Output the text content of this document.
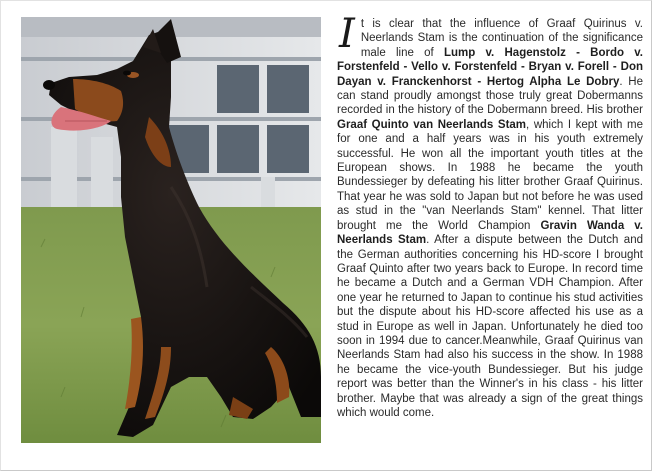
It is clear that the influence of Graaf Quirinus v. Neerlands Stam is the continuation of the significance male line of Lump v. Hagenstolz - Bordo v. Forstenfeld - Vello v. Forstenfeld - Bryan v. Forell - Don Dayan v. Franckenhorst - Hertog Alpha Le Dobry. He can stand proudly amongst those truly great Dobermanns recorded in the history of the Dobermann breed. His brother Graaf Quinto van Neerlands Stam, which I kept with me for one and a half years was in his youth extremely successful. He won all the important youth titles at the European shows. In 1988 he became the youth Bundessieger by defeating his litter brother Graaf Quirinus. That year he was sold to Japan but not before he was used as stud in the "van Neerlands Stam" kennel. That litter brought me the World Champion Gravin Wanda v. Neerlands Stam. After a dispute between the Dutch and the German authorities concerning his HD-score I brought Graaf Quinto after two years back to Europe. In record time he became a Dutch and a German VDH Champion. After one year he returned to Japan to continue his stud activities but the dispute about his HD-score affected his use as a stud in Europe as well in Japan. Unfortunately he died too soon in 1994 due to cancer.Meanwhile, Graaf Quirinus van Neerlands Stam had also his success in the show. In 1988 he became the vice-youth Bundessieger. But his judge report was better than the Winner's in his class - his litter brother. Maybe that was already a sign of the great things which would come.
